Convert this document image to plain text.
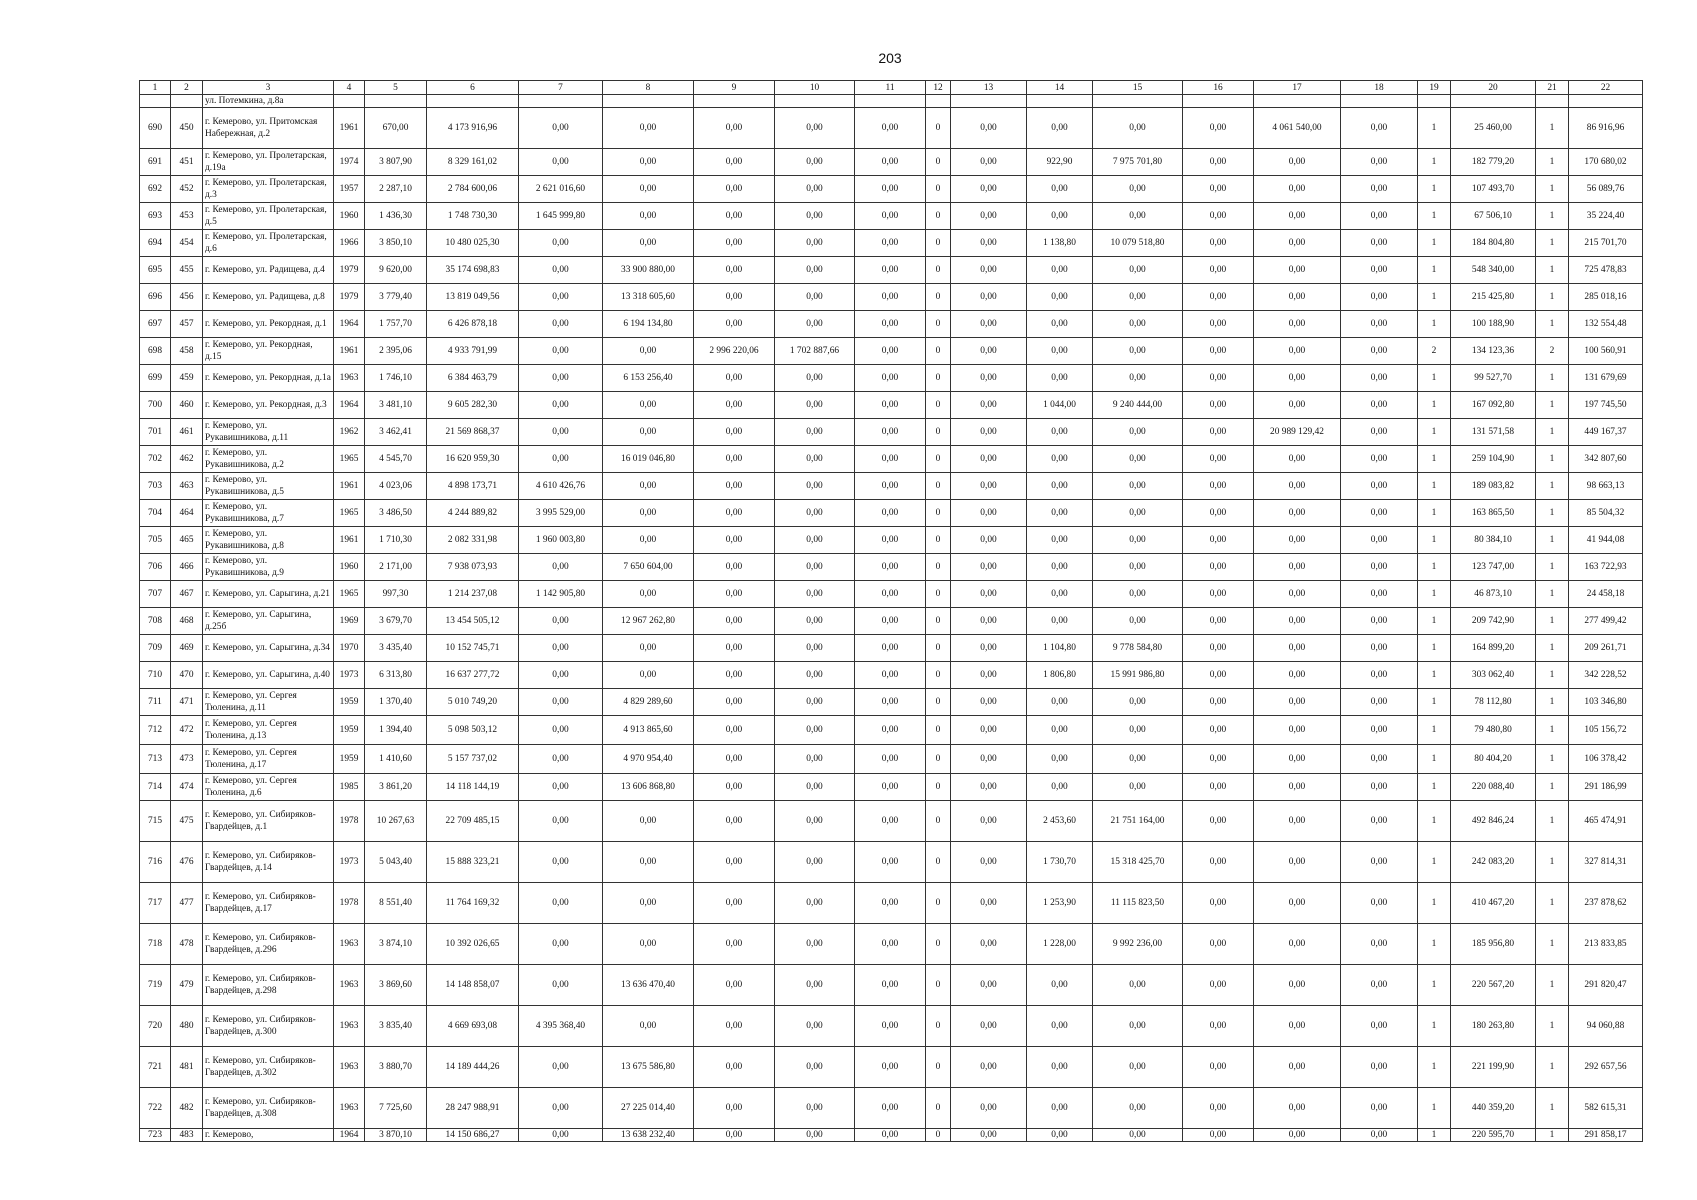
203
1	2	3	4	5	6	7	8	9	10	11	12	13	14	15	16	17	18	19	20	21	22
		ул. Потемкина, д.8а																			
690	450	г. Кемерово, ул. Притомская Набережная, д.2	1961	670,00	4 173 916,96	0,00	0,00	0,00	0,00	0,00	0	0,00	0,00	0,00	0,00	4 061 540,00	0,00	1	25 460,00	1	86 916,96
691	451	г. Кемерово, ул. Пролетарская, д.19а	1974	3 807,90	8 329 161,02	0,00	0,00	0,00	0,00	0,00	0	0,00	922,90	7 975 701,80	0,00	0,00	0,00	1	182 779,20	1	170 680,02
692	452	г. Кемерово, ул. Пролетарская, д.3	1957	2 287,10	2 784 600,06	2 621 016,60	0,00	0,00	0,00	0,00	0	0,00	0,00	0,00	0,00	0,00	0,00	1	107 493,70	1	56 089,76
693	453	г. Кемерово, ул. Пролетарская, д.5	1960	1 436,30	1 748 730,30	1 645 999,80	0,00	0,00	0,00	0,00	0	0,00	0,00	0,00	0,00	0,00	0,00	1	67 506,10	1	35 224,40
694	454	г. Кемерово, ул. Пролетарская, д.6	1966	3 850,10	10 480 025,30	0,00	0,00	0,00	0,00	0,00	0	0,00	1 138,80	10 079 518,80	0,00	0,00	0,00	1	184 804,80	1	215 701,70
695	455	г. Кемерово, ул. Радищева, д.4	1979	9 620,00	35 174 698,83	0,00	33 900 880,00	0,00	0,00	0,00	0	0,00	0,00	0,00	0,00	0,00	0,00	1	548 340,00	1	725 478,83
696	456	г. Кемерово, ул. Радищева, д.8	1979	3 779,40	13 819 049,56	0,00	13 318 605,60	0,00	0,00	0,00	0	0,00	0,00	0,00	0,00	0,00	0,00	1	215 425,80	1	285 018,16
697	457	г. Кемерово, ул. Рекордная, д.1	1964	1 757,70	6 426 878,18	0,00	6 194 134,80	0,00	0,00	0,00	0	0,00	0,00	0,00	0,00	0,00	0,00	1	100 188,90	1	132 554,48
698	458	г. Кемерово, ул. Рекордная, д.15	1961	2 395,06	4 933 791,99	0,00	0,00	2 996 220,06	1 702 887,66	0,00	0	0,00	0,00	0,00	0,00	0,00	0,00	2	134 123,36	2	100 560,91
699	459	г. Кемерово, ул. Рекордная, д.1а	1963	1 746,10	6 384 463,79	0,00	6 153 256,40	0,00	0,00	0,00	0	0,00	0,00	0,00	0,00	0,00	0,00	1	99 527,70	1	131 679,69
700	460	г. Кемерово, ул. Рекордная, д.3	1964	3 481,10	9 605 282,30	0,00	0,00	0,00	0,00	0,00	0	0,00	1 044,00	9 240 444,00	0,00	0,00	0,00	1	167 092,80	1	197 745,50
701	461	г. Кемерово, ул. Рукавишникова, д.11	1962	3 462,41	21 569 868,37	0,00	0,00	0,00	0,00	0,00	0	0,00	0,00	0,00	0,00	20 989 129,42	0,00	1	131 571,58	1	449 167,37
702	462	г. Кемерово, ул. Рукавишникова, д.2	1965	4 545,70	16 620 959,30	0,00	16 019 046,80	0,00	0,00	0,00	0	0,00	0,00	0,00	0,00	0,00	0,00	1	259 104,90	1	342 807,60
703	463	г. Кемерово, ул. Рукавишникова, д.5	1961	4 023,06	4 898 173,71	4 610 426,76	0,00	0,00	0,00	0,00	0	0,00	0,00	0,00	0,00	0,00	0,00	1	189 083,82	1	98 663,13
704	464	г. Кемерово, ул. Рукавишникова, д.7	1965	3 486,50	4 244 889,82	3 995 529,00	0,00	0,00	0,00	0,00	0	0,00	0,00	0,00	0,00	0,00	0,00	1	163 865,50	1	85 504,32
705	465	г. Кемерово, ул. Рукавишникова, д.8	1961	1 710,30	2 082 331,98	1 960 003,80	0,00	0,00	0,00	0,00	0	0,00	0,00	0,00	0,00	0,00	0,00	1	80 384,10	1	41 944,08
706	466	г. Кемерово, ул. Рукавишникова, д.9	1960	2 171,00	7 938 073,93	0,00	7 650 604,00	0,00	0,00	0,00	0	0,00	0,00	0,00	0,00	0,00	0,00	1	123 747,00	1	163 722,93
707	467	г. Кемерово, ул. Сарыгина, д.21	1965	997,30	1 214 237,08	1 142 905,80	0,00	0,00	0,00	0,00	0	0,00	0,00	0,00	0,00	0,00	0,00	1	46 873,10	1	24 458,18
708	468	г. Кемерово, ул. Сарыгина, д.25б	1969	3 679,70	13 454 505,12	0,00	12 967 262,80	0,00	0,00	0,00	0	0,00	0,00	0,00	0,00	0,00	0,00	1	209 742,90	1	277 499,42
709	469	г. Кемерово, ул. Сарыгина, д.34	1970	3 435,40	10 152 745,71	0,00	0,00	0,00	0,00	0,00	0	0,00	1 104,80	9 778 584,80	0,00	0,00	0,00	1	164 899,20	1	209 261,71
710	470	г. Кемерово, ул. Сарыгина, д.40	1973	6 313,80	16 637 277,72	0,00	0,00	0,00	0,00	0,00	0	0,00	1 806,80	15 991 986,80	0,00	0,00	0,00	1	303 062,40	1	342 228,52
711	471	г. Кемерово, ул. Сергея Тюленина, д.11	1959	1 370,40	5 010 749,20	0,00	4 829 289,60	0,00	0,00	0,00	0	0,00	0,00	0,00	0,00	0,00	0,00	1	78 112,80	1	103 346,80
712	472	г. Кемерово, ул. Сергея Тюленина, д.13	1959	1 394,40	5 098 503,12	0,00	4 913 865,60	0,00	0,00	0,00	0	0,00	0,00	0,00	0,00	0,00	0,00	1	79 480,80	1	105 156,72
713	473	г. Кемерово, ул. Сергея Тюленина, д.17	1959	1 410,60	5 157 737,02	0,00	4 970 954,40	0,00	0,00	0,00	0	0,00	0,00	0,00	0,00	0,00	0,00	1	80 404,20	1	106 378,42
714	474	г. Кемерово, ул. Сергея Тюленина, д.6	1985	3 861,20	14 118 144,19	0,00	13 606 868,80	0,00	0,00	0,00	0	0,00	0,00	0,00	0,00	0,00	0,00	1	220 088,40	1	291 186,99
715	475	г. Кемерово, ул. Сибиряков-Гвардейцев, д.1	1978	10 267,63	22 709 485,15	0,00	0,00	0,00	0,00	0,00	0	0,00	2 453,60	21 751 164,00	0,00	0,00	0,00	1	492 846,24	1	465 474,91
716	476	г. Кемерово, ул. Сибиряков-Гвардейцев, д.14	1973	5 043,40	15 888 323,21	0,00	0,00	0,00	0,00	0,00	0	0,00	1 730,70	15 318 425,70	0,00	0,00	0,00	1	242 083,20	1	327 814,31
717	477	г. Кемерово, ул. Сибиряков-Гвардейцев, д.17	1978	8 551,40	11 764 169,32	0,00	0,00	0,00	0,00	0,00	0	0,00	1 253,90	11 115 823,50	0,00	0,00	0,00	1	410 467,20	1	237 878,62
718	478	г. Кемерово, ул. Сибиряков-Гвардейцев, д.296	1963	3 874,10	10 392 026,65	0,00	0,00	0,00	0,00	0,00	0	0,00	1 228,00	9 992 236,00	0,00	0,00	0,00	1	185 956,80	1	213 833,85
719	479	г. Кемерово, ул. Сибиряков-Гвардейцев, д.298	1963	3 869,60	14 148 858,07	0,00	13 636 470,40	0,00	0,00	0,00	0	0,00	0,00	0,00	0,00	0,00	0,00	1	220 567,20	1	291 820,47
720	480	г. Кемерово, ул. Сибиряков-Гвардейцев, д.300	1963	3 835,40	4 669 693,08	4 395 368,40	0,00	0,00	0,00	0,00	0	0,00	0,00	0,00	0,00	0,00	0,00	1	180 263,80	1	94 060,88
721	481	г. Кемерово, ул. Сибиряков-Гвардейцев, д.302	1963	3 880,70	14 189 444,26	0,00	13 675 586,80	0,00	0,00	0,00	0	0,00	0,00	0,00	0,00	0,00	0,00	1	221 199,90	1	292 657,56
722	482	г. Кемерово, ул. Сибиряков-Гвардейцев, д.308	1963	7 725,60	28 247 988,91	0,00	27 225 014,40	0,00	0,00	0,00	0	0,00	0,00	0,00	0,00	0,00	0,00	1	440 359,20	1	582 615,31
723	483	г. Кемерово,	1964	3 870,10	14 150 686,27	0,00	13 638 232,40	0,00	0,00	0,00	0	0,00	0,00	0,00	0,00	0,00	0,00	1	220 595,70	1	291 858,17
